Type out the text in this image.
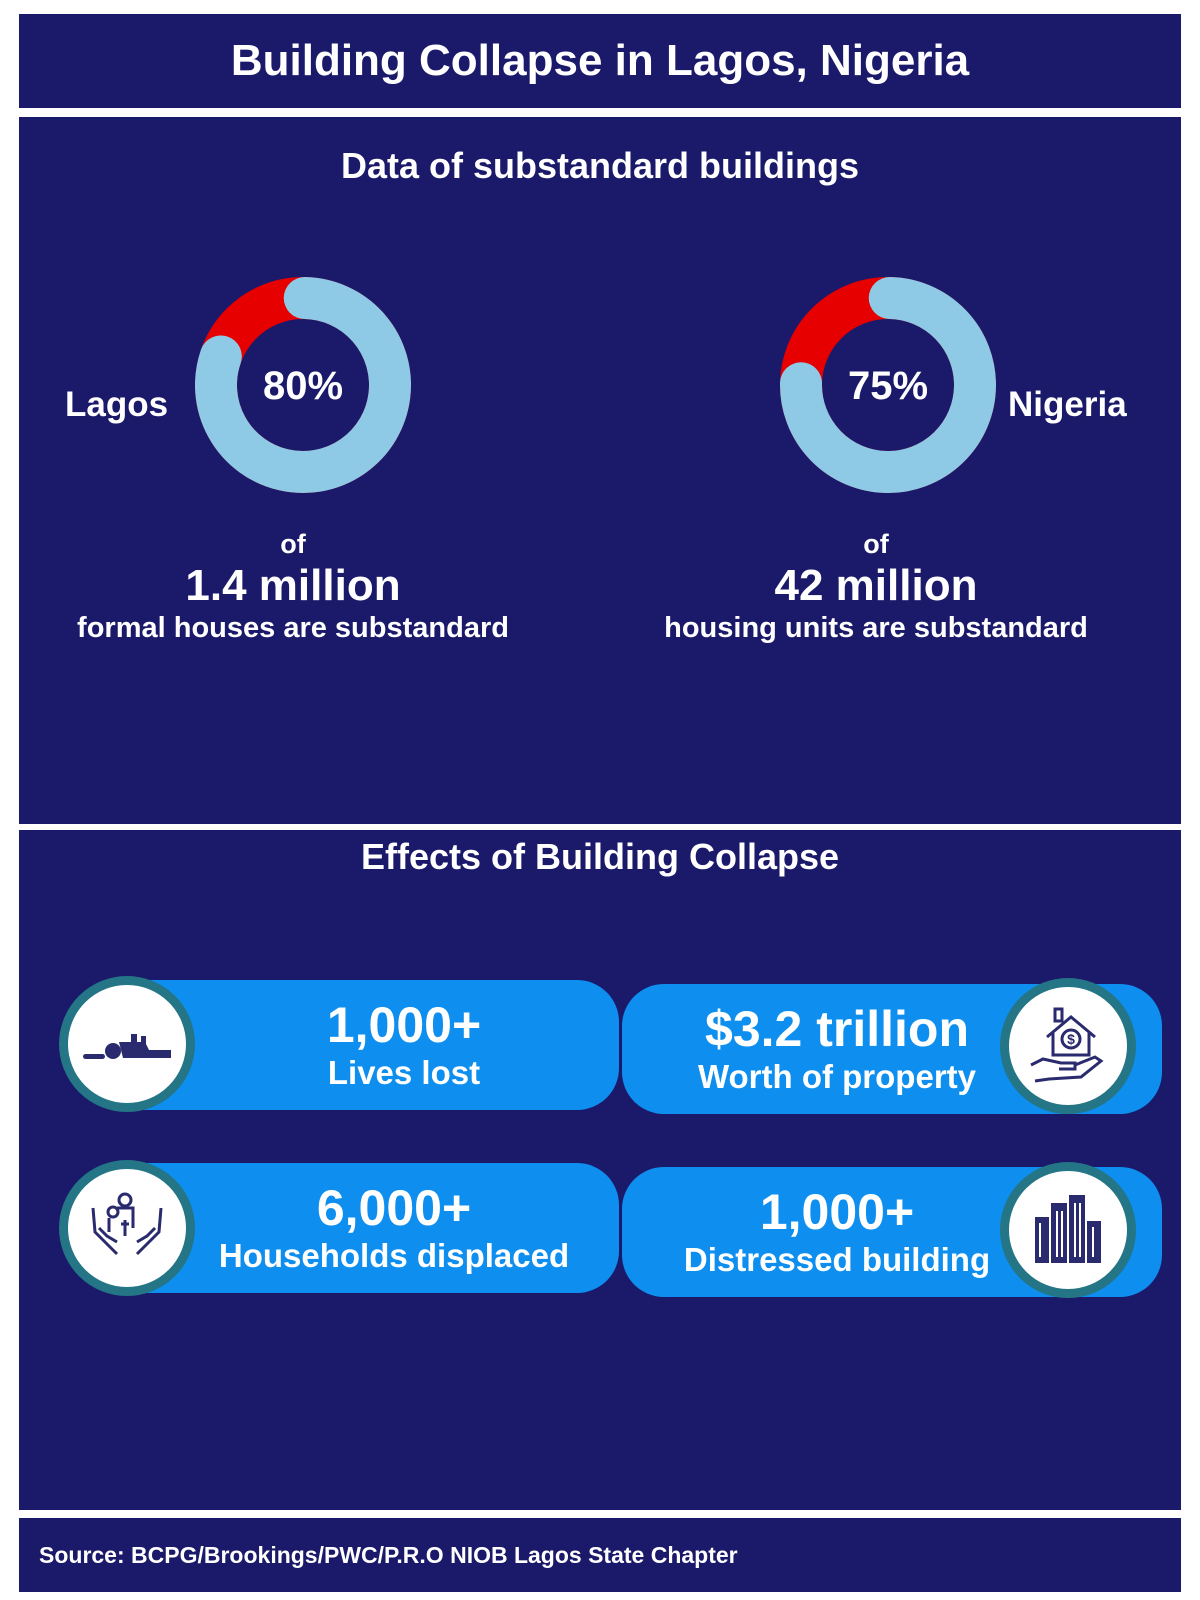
Building Collapse in Lagos, Nigeria
Data of substandard buildings
Lagos 80%	Nigeria
75%
of
1.4 million
formal houses are substandard
of
42 million
housing units are substandard
Effects of Building Collapse
1,000+
Lives lost
$3.2 trillion
Worth of property
$
6,000+
Households displaced
1,000+
Distressed building
Source: BCPG/Brookings/PWC/P.R.O NIOB Lagos State Chapter
